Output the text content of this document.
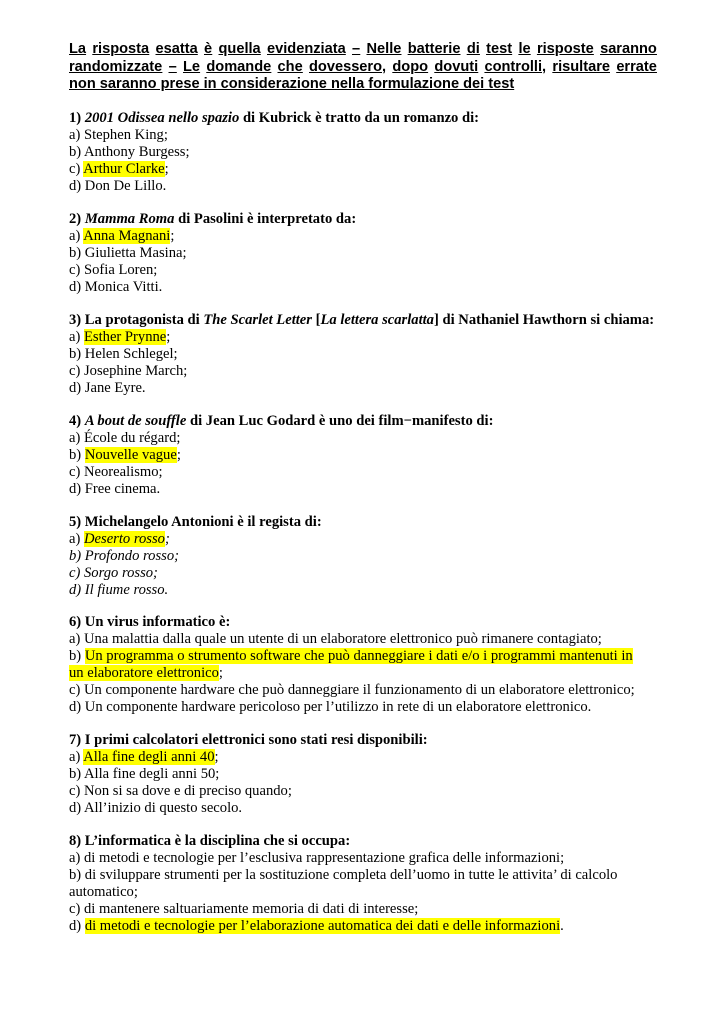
La risposta esatta è quella evidenziata – Nelle batterie di test le risposte saranno
randomizzate – Le domande che dovessero, dopo dovuti controlli, risultare errate
non saranno prese in considerazione nella formulazione dei test
1) 2001 Odissea nello spazio di Kubrick è tratto da un romanzo di:
a) Stephen King;
b) Anthony Burgess;
c) Arthur Clarke;
d) Don De Lillo.
2) Mamma Roma di Pasolini è interpretato da:
a) Anna Magnani;
b) Giulietta Masina;
c) Sofia Loren;
d) Monica Vitti.
3) La protagonista di The Scarlet Letter [La lettera scarlatta] di Nathaniel Hawthorn si chiama:
a) Esther Prynne;
b) Helen Schlegel;
c) Josephine March;
d) Jane Eyre.
4) A bout de souffle di Jean Luc Godard è uno dei film−manifesto di:
a) École du régard;
b) Nouvelle vague;
c) Neorealismo;
d) Free cinema.
5) Michelangelo Antonioni è il regista di:
a) Deserto rosso;
b) Profondo rosso;
c) Sorgo rosso;
d) Il fiume rosso.
6) Un virus informatico è:
a) Una malattia dalla quale un utente di un elaboratore elettronico può rimanere contagiato;
b) Un programma o strumento software che può danneggiare i dati e/o i programmi mantenuti in
un elaboratore elettronico;
c) Un componente hardware che può danneggiare il funzionamento di un elaboratore elettronico;
d) Un componente hardware pericoloso per l’utilizzo in rete di un elaboratore elettronico.
7) I primi calcolatori elettronici sono stati resi disponibili:
a) Alla fine degli anni 40;
b) Alla fine degli anni 50;
c) Non si sa dove e di preciso quando;
d) All’inizio di questo secolo.
8) L’informatica è la disciplina che si occupa:
a) di metodi e tecnologie per l’esclusiva rappresentazione grafica delle informazioni;
b) di sviluppare strumenti per la sostituzione completa dell’uomo in tutte le attivita’ di calcolo
automatico;
c) di mantenere saltuariamente memoria di dati di interesse;
d) di metodi e tecnologie per l’elaborazione automatica dei dati e delle informazioni.
